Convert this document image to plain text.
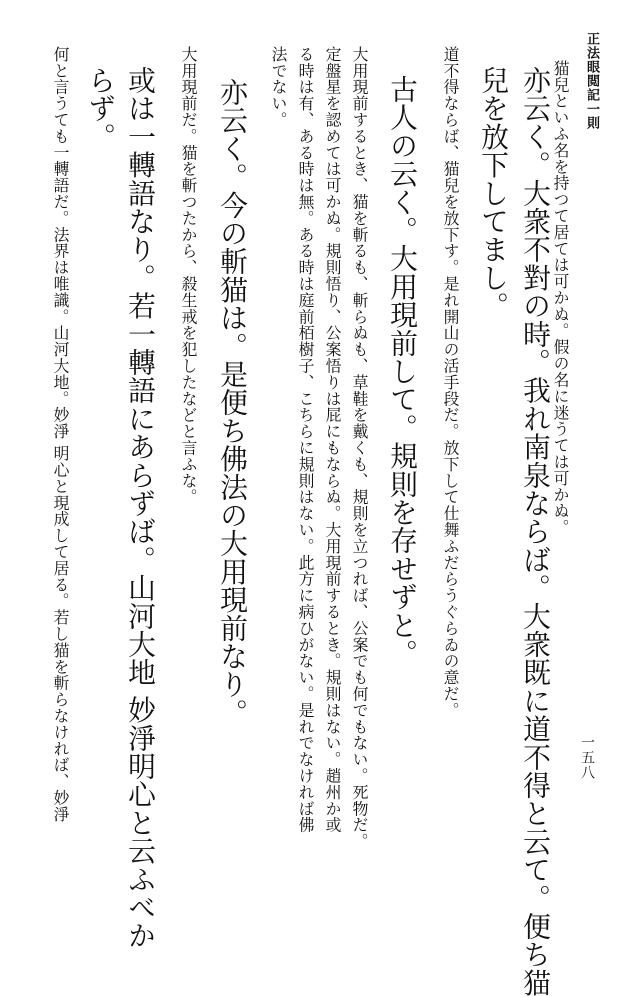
正法眼閲記一則
一五八
猫兒といふ名を持つて居ては可かぬ。假の名に迷うては可かぬ。
亦云く。大衆不對の時。我れ南泉ならば。大衆既に道不得と云て。便ち猫
兒を放下してまし。
道不得ならば、猫兒を放下す。是れ開山の活手段だ。放下して仕舞ふだらうぐらゐの意だ。
古人の云く。大用現前して。規則を存せずと。
大用現前するとき、猫を斬るも、斬らぬも、草鞋を戴くも、規則を立つれば、公案でも何でもない。死物だ。
定盤星を認めては可かぬ。規則悟り、公案悟りは屁にもならぬ。大用現前するとき。規則はない。趙州か或
る時は有、ある時は無。ある時は庭前栢樹子、こちらに規則はない。此方に病ひがない。是れでなければ佛
法でない。
亦云く。今の斬猫は。是便ち佛法の大用現前なり。
大用現前だ。猫を斬つたから、殺生戒を犯したなどと言ふな。
或は一轉語なり。若一轉語にあらずば。山河大地 妙淨明心と云ふべか
らず。
何と言うても一轉語だ。法界は唯識。山河大地。妙淨 明心と現成して居る。若し猫を斬らなければ、妙淨
